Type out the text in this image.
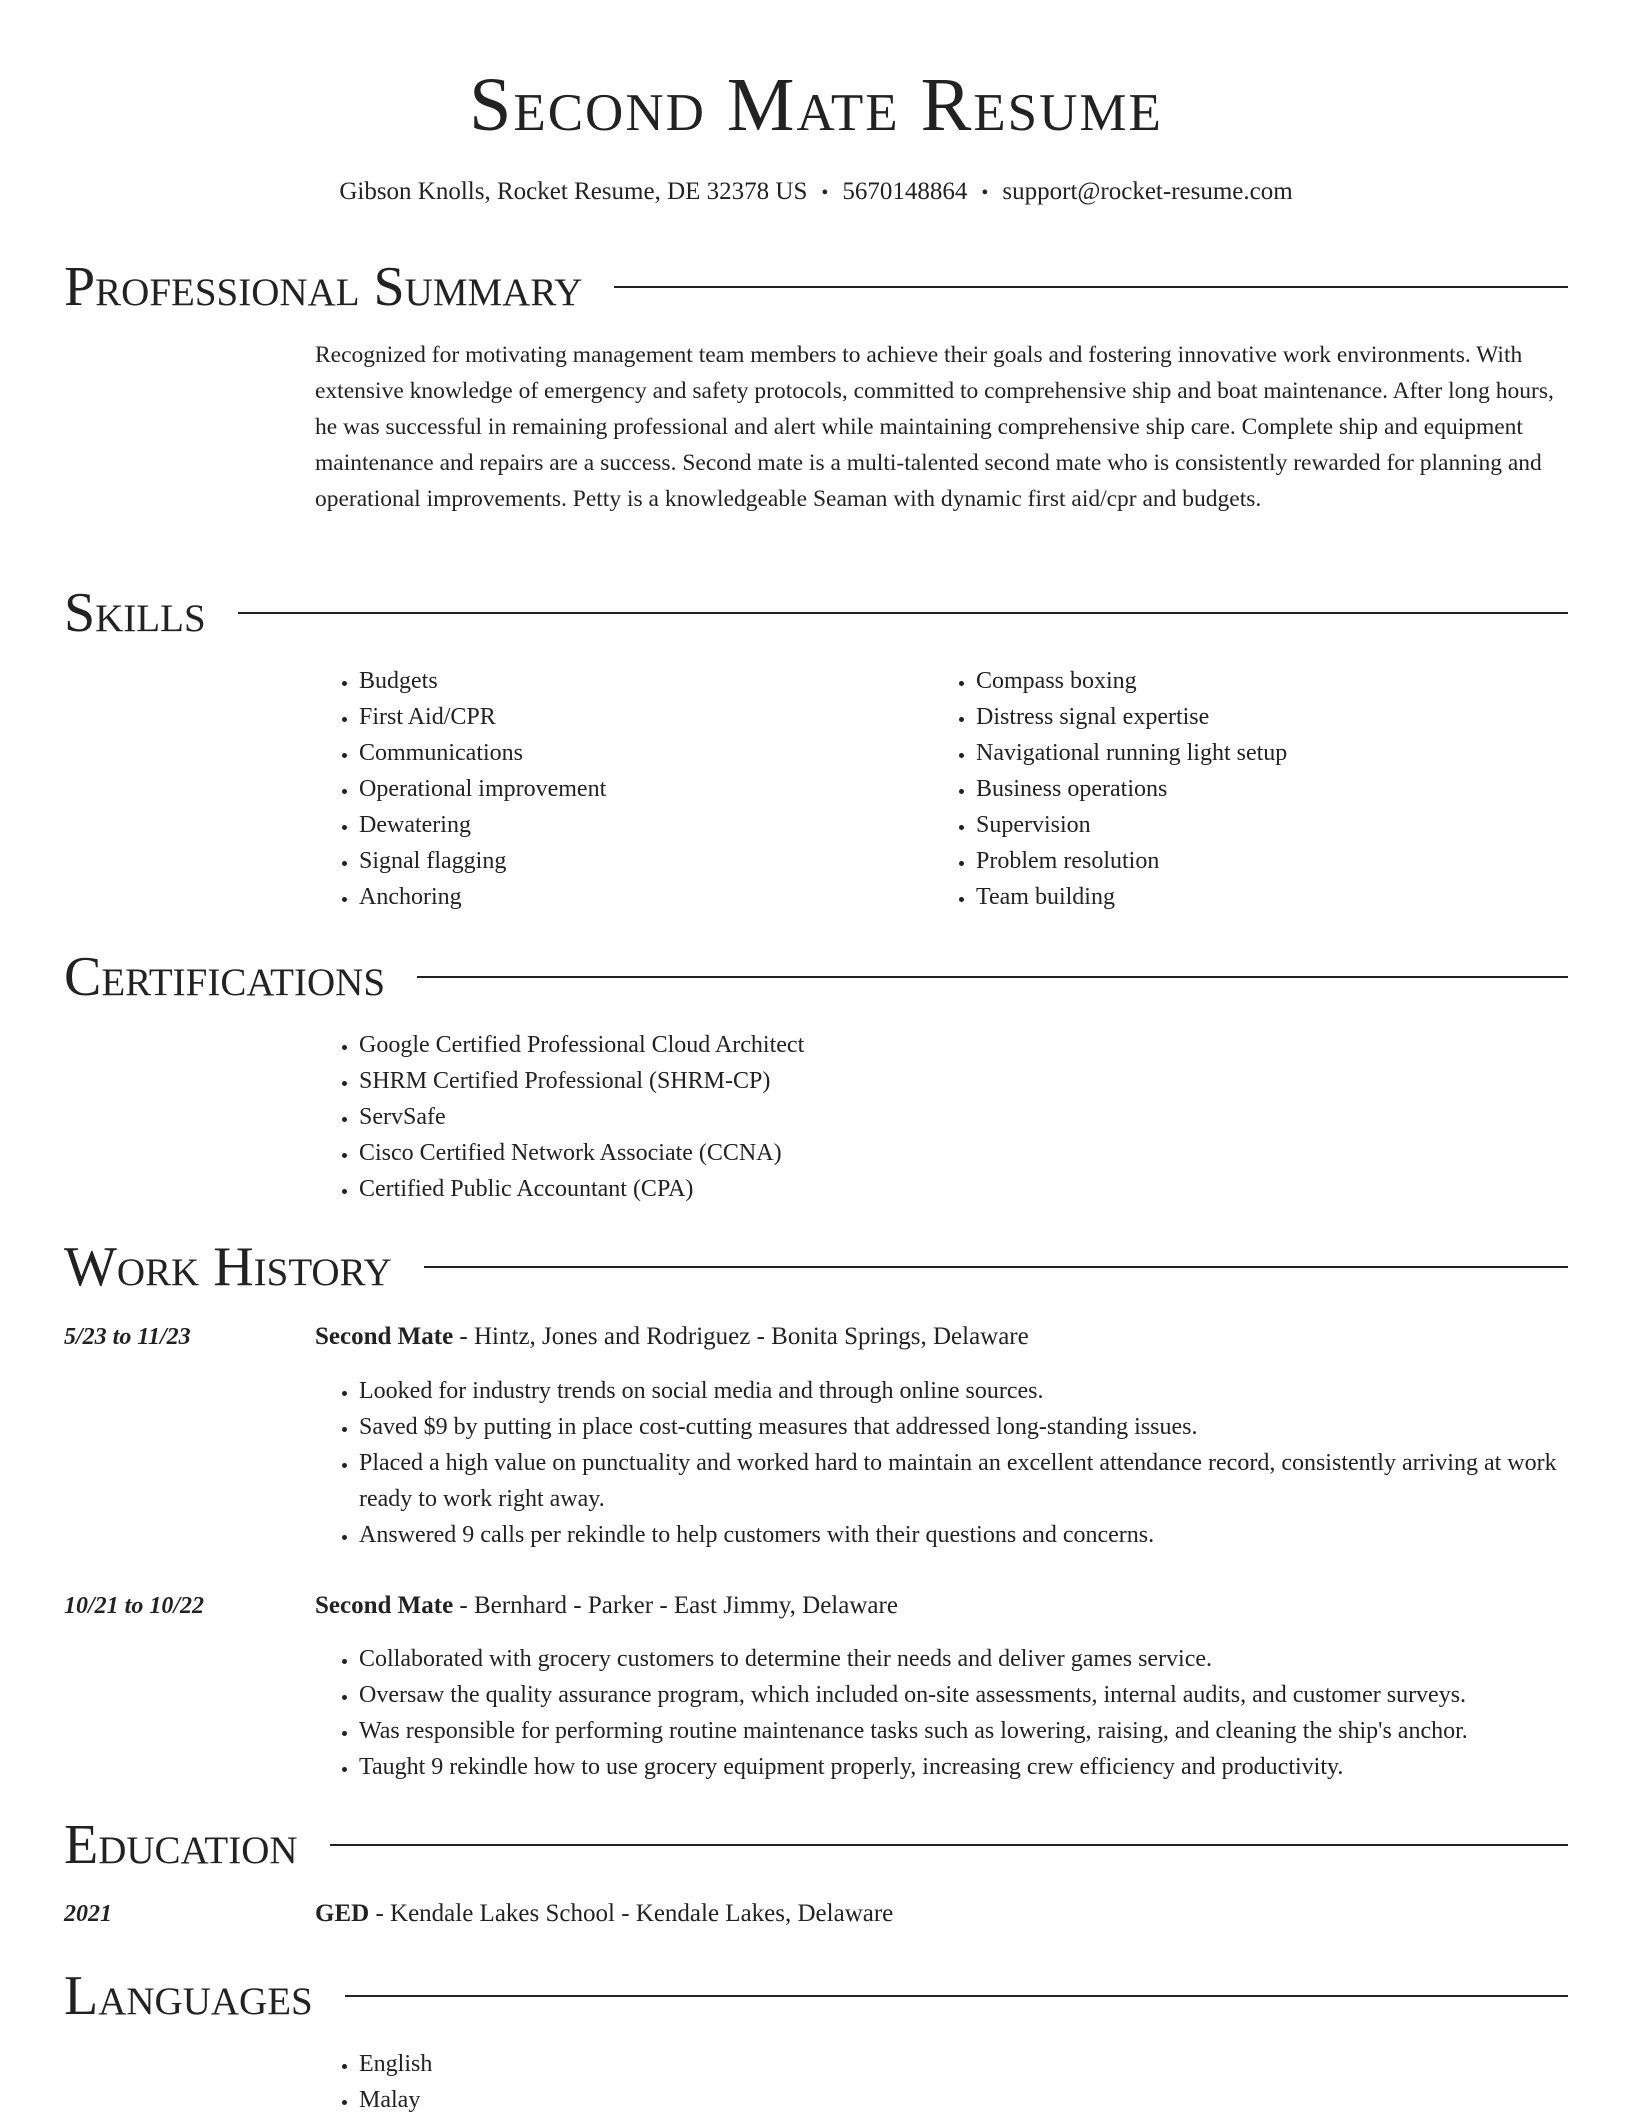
Second Mate Resume
Gibson Knolls, Rocket Resume, DE 32378 US • 5670148864 • support@rocket-resume.com
Professional Summary

Recognized for motivating management team members to achieve their goals and fostering innovative work environments. With extensive knowledge of emergency and safety protocols, committed to comprehensive ship and boat maintenance. After long hours, he was successful in remaining professional and alert while maintaining comprehensive ship care. Complete ship and equipment maintenance and repairs are a success. Second mate is a multi-talented second mate who is consistently rewarded for planning and operational improvements. Petty is a knowledgeable Seaman with dynamic first aid/cpr and budgets.

Skills
• Budgets
• First Aid/CPR
• Communications
• Operational improvement
• Dewatering
• Signal flagging
• Anchoring
• Compass boxing
• Distress signal expertise
• Navigational running light setup
• Business operations
• Supervision
• Problem resolution
• Team building
Certifications
• Google Certified Professional Cloud Architect
• SHRM Certified Professional (SHRM-CP)
• ServSafe
• Cisco Certified Network Associate (CCNA)
• Certified Public Accountant (CPA)
Work History
5/23 to 11/23	Second Mate - Hintz, Jones and Rodriguez - Bonita Springs, Delaware
• Looked for industry trends on social media and through online sources.
• Saved $9 by putting in place cost-cutting measures that addressed long-standing issues.
• Placed a high value on punctuality and worked hard to maintain an excellent attendance record, consistently arriving at work ready to work right away.
• Answered 9 calls per rekindle to help customers with their questions and concerns.
10/21 to 10/22	Second Mate - Bernhard - Parker - East Jimmy, Delaware
• Collaborated with grocery customers to determine their needs and deliver games service.
• Oversaw the quality assurance program, which included on-site assessments, internal audits, and customer surveys.
• Was responsible for performing routine maintenance tasks such as lowering, raising, and cleaning the ship's anchor.
• Taught 9 rekindle how to use grocery equipment properly, increasing crew efficiency and productivity.
Education
2021	GED - Kendale Lakes School - Kendale Lakes, Delaware
Languages
• English
• Malay
